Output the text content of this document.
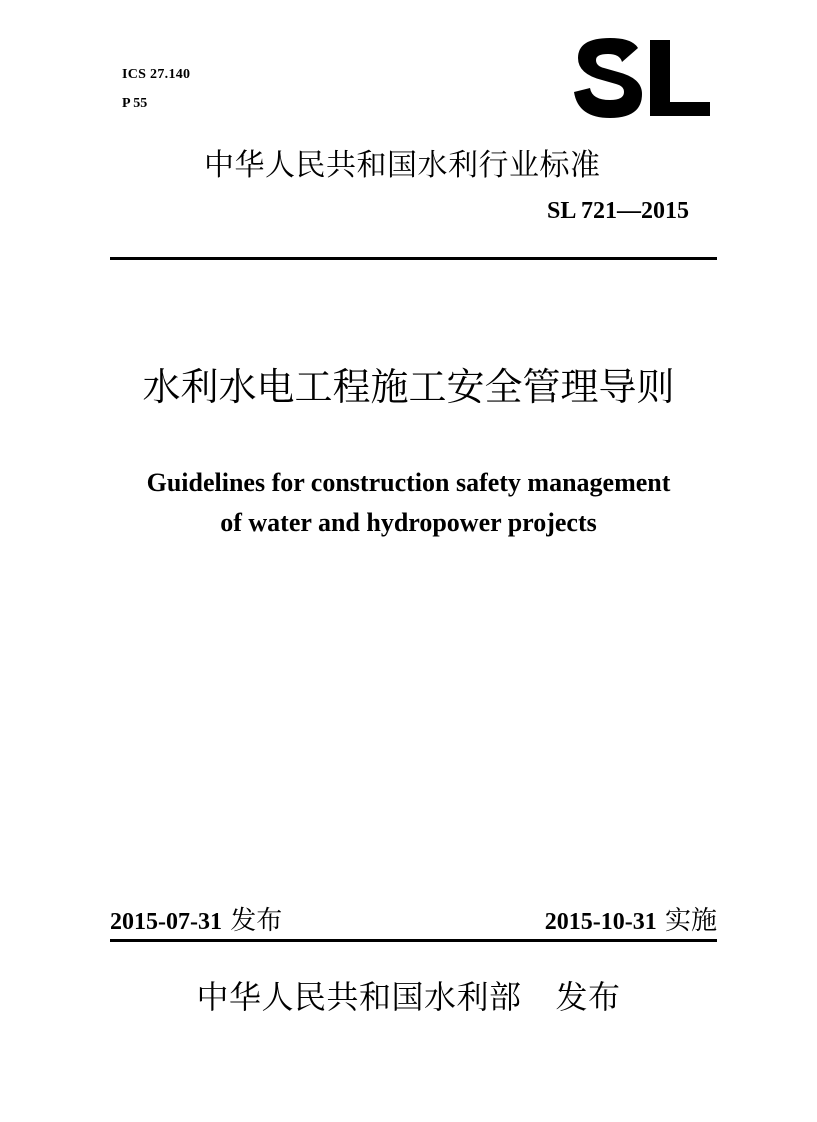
ICS 27.140
P 55
中华人民共和国水利行业标准
SL 721—2015
水利水电工程施工安全管理导则
Guidelines for construction safety management
of water and hydropower projects
2015-07-31 发布	2015-10-31 实施
中华人民共和国水利部 发布
